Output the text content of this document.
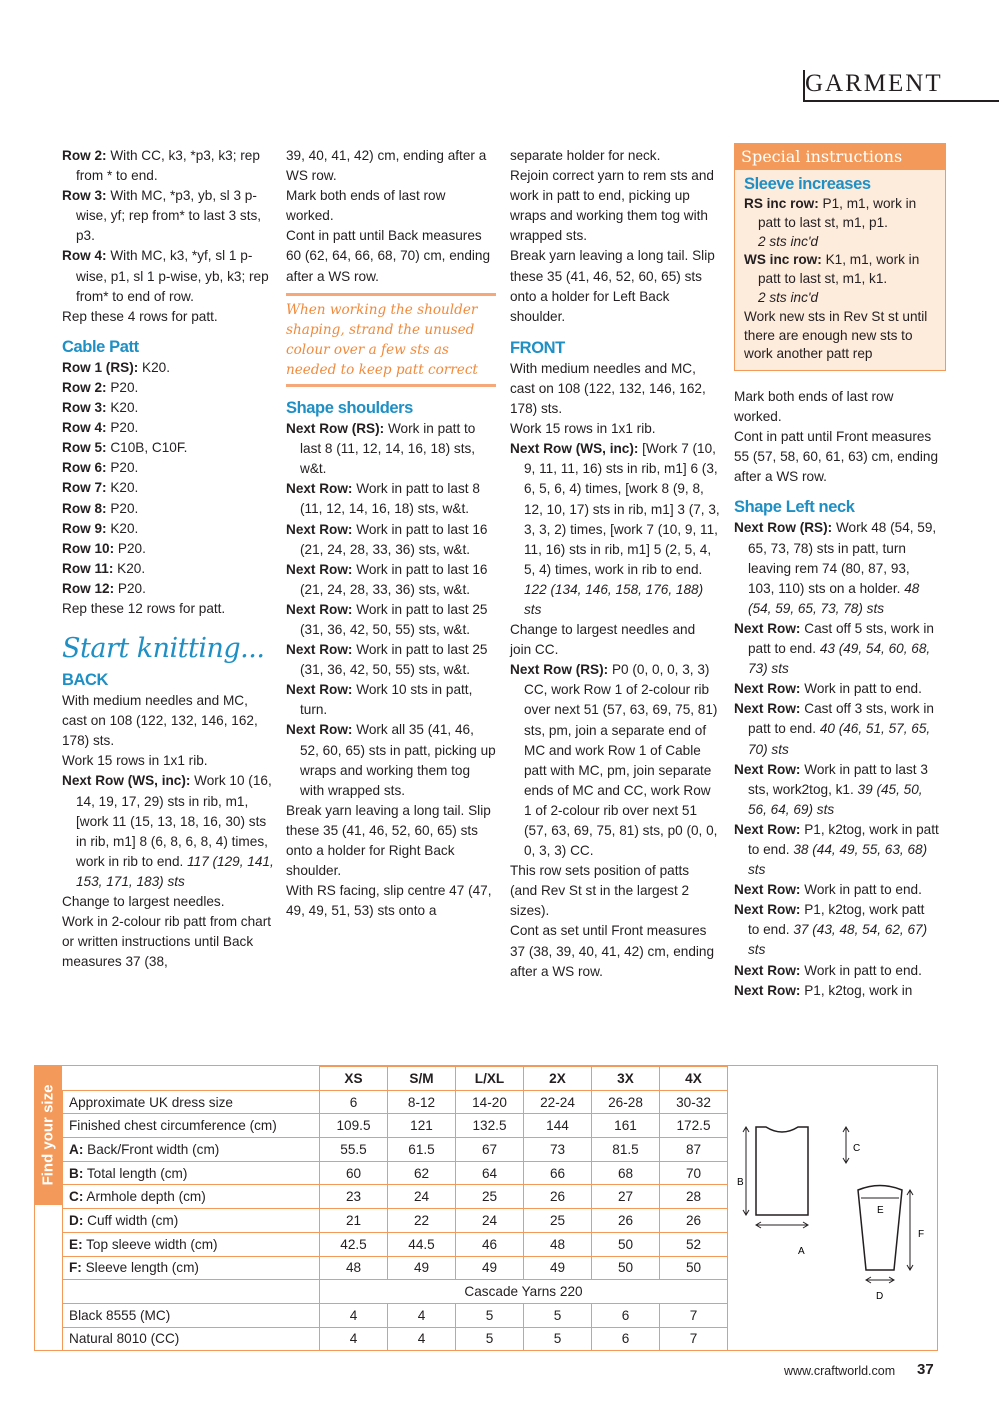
GARMENT

Row 2: With CC, k3, *p3, k3; rep from * to end.

Row 3: With MC, *p3, yb, sl 3 p-wise, yf; rep from* to last 3 sts, p3.

Row 4: With MC, k3, *yf, sl 1 p-wise, p1, sl 1 p-wise, yb, k3; rep from* to end of row.

Rep these 4 rows for patt.

Cable Patt

Row 1 (RS): K20.

Row 2: P20.

Row 3: K20.

Row 4: P20.

Row 5: C10B, C10F.

Row 6: P20.

Row 7: K20.

Row 8: P20.

Row 9: K20.

Row 10: P20.

Row 11: K20.

Row 12: P20.

Rep these 12 rows for patt.

Start knitting...

BACK

With medium needles and MC, cast on 108 (122, 132, 146, 162, 178) sts.

Work 15 rows in 1x1 rib.

Next Row (WS, inc): Work 10 (16, 14, 19, 17, 29) sts in rib, m1, [work 11 (15, 13, 18, 16, 30) sts in rib, m1] 8 (6, 8, 6, 8, 4) times, work in rib to end. 117 (129, 141, 153, 171, 183) sts

Change to largest needles.

Work in 2-colour rib patt from chart or written instructions until Back measures 37 (38,

39, 40, 41, 42) cm, ending after a WS row.

Mark both ends of last row worked.

Cont in patt until Back measures 60 (62, 64, 66, 68, 70) cm, ending after a WS row.

When working the shoulder shaping, strand the unused colour over a few sts as needed to keep patt correct

Shape shoulders

Next Row (RS): Work in patt to last 8 (11, 12, 14, 16, 18) sts, w&t.

Next Row: Work in patt to last 8 (11, 12, 14, 16, 18) sts, w&t.

Next Row: Work in patt to last 16 (21, 24, 28, 33, 36) sts, w&t.

Next Row: Work in patt to last 16 (21, 24, 28, 33, 36) sts, w&t.

Next Row: Work in patt to last 25 (31, 36, 42, 50, 55) sts, w&t.

Next Row: Work in patt to last 25 (31, 36, 42, 50, 55) sts, w&t.

Next Row: Work 10 sts in patt, turn.

Next Row: Work all 35 (41, 46, 52, 60, 65) sts in patt, picking up wraps and working them tog with wrapped sts.

Break yarn leaving a long tail. Slip these 35 (41, 46, 52, 60, 65) sts onto a holder for Right Back shoulder.

With RS facing, slip centre 47 (47, 49, 49, 51, 53) sts onto a

separate holder for neck.

Rejoin correct yarn to rem sts and work in patt to end, picking up wraps and working them tog with wrapped sts.

Break yarn leaving a long tail. Slip these 35 (41, 46, 52, 60, 65) sts onto a holder for Left Back shoulder.

FRONT

With medium needles and MC, cast on 108 (122, 132, 146, 162, 178) sts.

Work 15 rows in 1x1 rib.

Next Row (WS, inc): [Work 7 (10, 9, 11, 11, 16) sts in rib, m1] 6 (3, 6, 5, 6, 4) times, [work 8 (9, 8, 12, 10, 17) sts in rib, m1] 3 (7, 3, 3, 3, 2) times, [work 7 (10, 9, 11, 11, 16) sts in rib, m1] 5 (2, 5, 4, 5, 4) times, work in rib to end. 122 (134, 146, 158, 176, 188) sts

Change to largest needles and join CC.

Next Row (RS): P0 (0, 0, 0, 3, 3) CC, work Row 1 of 2-colour rib over next 51 (57, 63, 69, 75, 81) sts, pm, join a separate end of MC and work Row 1 of Cable patt with MC, pm, join separate ends of MC and CC, work Row 1 of 2-colour rib over next 51 (57, 63, 69, 75, 81) sts, p0 (0, 0, 0, 3, 3) CC.

This row sets position of patts (and Rev St st in the largest 2 sizes).

Cont as set until Front measures 37 (38, 39, 40, 41, 42) cm, ending after a WS row.

Special instructions

Sleeve increases

RS inc row: P1, m1, work in patt to last st, m1, p1.

2 sts inc'd

WS inc row: K1, m1, work in patt to last st, m1, k1.

2 sts inc'd

Work new sts in Rev St st until there are enough new sts to work another patt rep

Mark both ends of last row worked.

Cont in patt until Front measures 55 (57, 58, 60, 61, 63) cm, ending after a WS row.

Shape Left neck

Next Row (RS): Work 48 (54, 59, 65, 73, 78) sts in patt, turn leaving rem 74 (80, 87, 93, 103, 110) sts on a holder. 48 (54, 59, 65, 73, 78) sts

Next Row: Cast off 5 sts, work in patt to end. 43 (49, 54, 60, 68, 73) sts

Next Row: Work in patt to end.

Next Row: Cast off 3 sts, work in patt to end. 40 (46, 51, 57, 65, 70) sts

Next Row: Work in patt to last 3 sts, work2tog, k1. 39 (45, 50, 56, 64, 69) sts

Next Row: P1, k2tog, work in patt to end. 38 (44, 49, 55, 63, 68) sts

Next Row: Work in patt to end.

Next Row: P1, k2tog, work patt to end. 37 (43, 48, 54, 62, 67) sts

Next Row: Work in patt to end.

Next Row: P1, k2tog, work in

Find your size
	XS	S/M	L/XL	2X	3X	4X
Approximate UK dress size	6	8-12	14-20	22-24	26-28	30-32
Finished chest circumference (cm)	109.5	121	132.5	144	161	172.5
A: Back/Front width (cm)	55.5	61.5	67	73	81.5	87
B: Total length (cm)	60	62	64	66	68	70
C: Armhole depth (cm)	23	24	25	26	27	28
D: Cuff width (cm)	21	22	24	25	26	26
E: Top sleeve width (cm)	42.5	44.5	46	48	50	52
F: Sleeve length (cm)	48	49	49	49	50	50
	Cascade Yarns 220					
Black 8555 (MC)	4	4	5	5	6	7
Natural 8010 (CC)	4	4	5	5	6	7
B
A
C
E
F
D
www.craftworld.com 37
